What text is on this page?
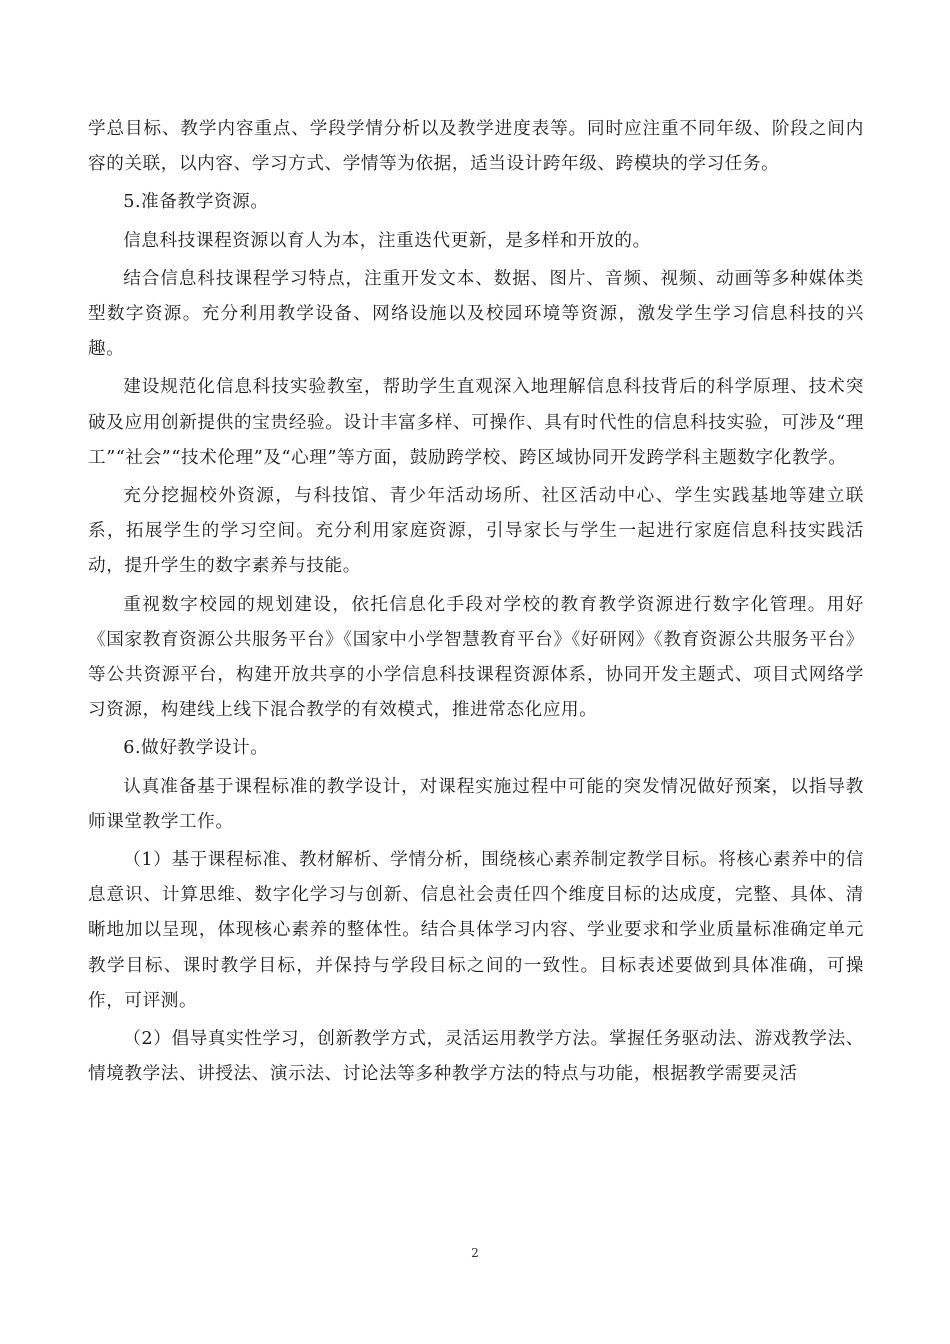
学总目标、教学内容重点、学段学情分析以及教学进度表等。同时应注重不同年级、阶段之间内容的关联，以内容、学习方式、学情等为依据，适当设计跨年级、跨模块的学习任务。

5.准备教学资源。

信息科技课程资源以育人为本，注重迭代更新，是多样和开放的。

结合信息科技课程学习特点，注重开发文本、数据、图片、音频、视频、动画等多种媒体类型数字资源。充分利用教学设备、网络设施以及校园环境等资源，激发学生学习信息科技的兴趣。

建设规范化信息科技实验教室，帮助学生直观深入地理解信息科技背后的科学原理、技术突破及应用创新提供的宝贵经验。设计丰富多样、可操作、具有时代性的信息科技实验，可涉及“理工”“社会”“技术伦理”及“心理”等方面，鼓励跨学校、跨区域协同开发跨学科主题数字化教学。

充分挖掘校外资源，与科技馆、青少年活动场所、社区活动中心、学生实践基地等建立联系，拓展学生的学习空间。充分利用家庭资源，引导家长与学生一起进行家庭信息科技实践活动，提升学生的数字素养与技能。

重视数字校园的规划建设，依托信息化手段对学校的教育教学资源进行数字化管理。用好《国家教育资源公共服务平台》《国家中小学智慧教育平台》《好研网》《教育资源公共服务平台》等公共资源平台，构建开放共享的小学信息科技课程资源体系，协同开发主题式、项目式网络学习资源，构建线上线下混合教学的有效模式，推进常态化应用。

6.做好教学设计。

认真准备基于课程标准的教学设计，对课程实施过程中可能的突发情况做好预案，以指导教师课堂教学工作。

（1）基于课程标准、教材解析、学情分析，围绕核心素养制定教学目标。将核心素养中的信息意识、计算思维、数字化学习与创新、信息社会责任四个维度目标的达成度，完整、具体、清晰地加以呈现，体现核心素养的整体性。结合具体学习内容、学业要求和学业质量标准确定单元教学目标、课时教学目标，并保持与学段目标之间的一致性。目标表述要做到具体准确，可操作，可评测。

（2）倡导真实性学习，创新教学方式，灵活运用教学方法。掌握任务驱动法、游戏教学法、情境教学法、讲授法、演示法、讨论法等多种教学方法的特点与功能，根据教学需要灵活

2
